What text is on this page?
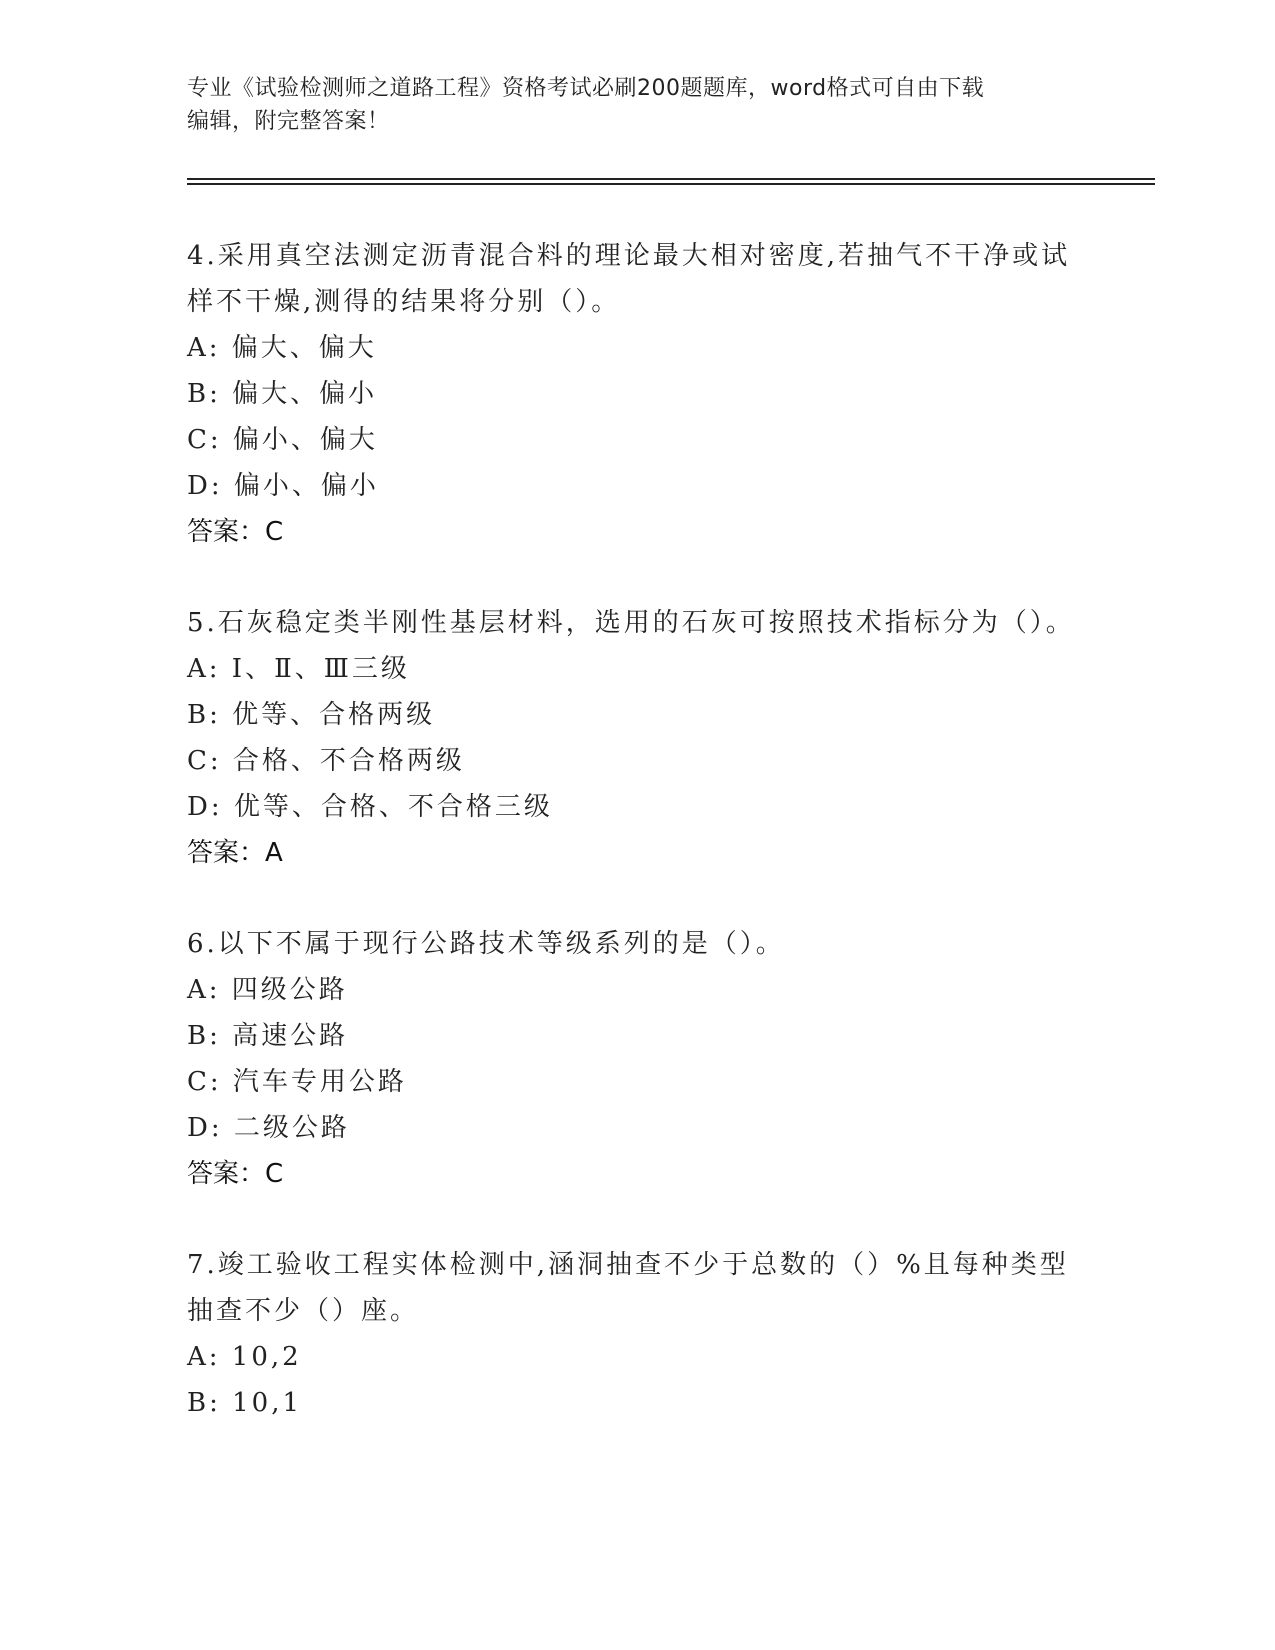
专业《试验检测师之道路工程》资格考试必刷200题题库，word格式可自由下载
编辑，附完整答案！

4.采用真空法测定沥青混合料的理论最大相对密度,若抽气不干净或试样不干燥,测得的结果将分别（）。

A: 偏大、偏大

B: 偏大、偏小

C: 偏小、偏大

D: 偏小、偏小

答案：C

5.石灰稳定类半刚性基层材料，选用的石灰可按照技术指标分为（）。

A: Ⅰ、Ⅱ、Ⅲ三级

B: 优等、合格两级

C: 合格、不合格两级

D: 优等、合格、不合格三级

答案：A

6.以下不属于现行公路技术等级系列的是（）。

A: 四级公路

B: 高速公路

C: 汽车专用公路

D: 二级公路

答案：C

7.竣工验收工程实体检测中,涵洞抽查不少于总数的（）%且每种类型抽查不少（）座。

A: 10,2

B: 10,1
